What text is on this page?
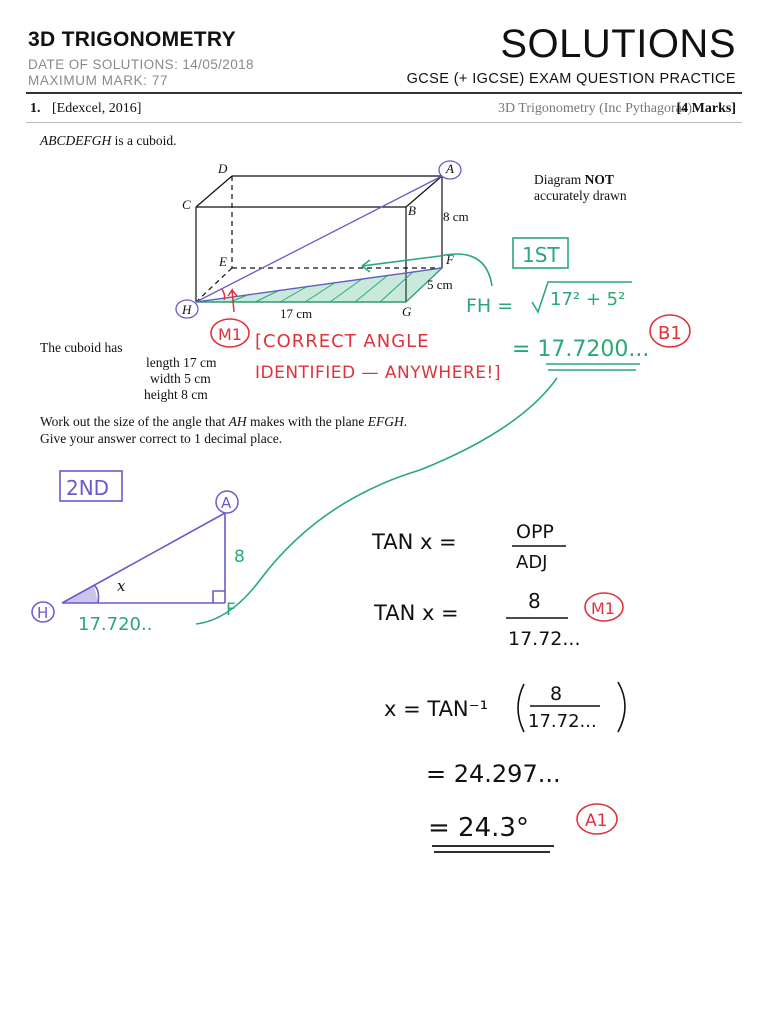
3D TRIGONOMETRY	SOLUTIONS
DATE OF SOLUTIONS: 14/05/2018
MAXIMUM MARK: 77	GCSE (+ IGCSE) EXAM QUESTION PRACTICE
1. [Edexcel, 2016]	3D Trigonometry (Inc Pythagoras)
[4 Marks]
ABCDEFGH is a cuboid.
Diagram NOT
accurately drawn
The cuboid has
length 17 cm
width 5 cm
height 8 cm
Work out the size of the angle that AH makes with the plane EFGH.
Give your answer correct to 1 decimal place.
D	A
C	B
E	F
G
H
8 cm
5 cm
17 cm
1ST
FH = 17² + 5²
= 17.7200...
B1
M1 [CORRECT ANGLE
IDENTIFIED — ANYWHERE!]
2ND
A
H	F
8
x
17.720..
TAN x =	OPP
ADJ
TAN x =	8
17.72...
x = TAN⁻¹
8
17.72...
= 24.297...
= 24.3°
M1
A1
